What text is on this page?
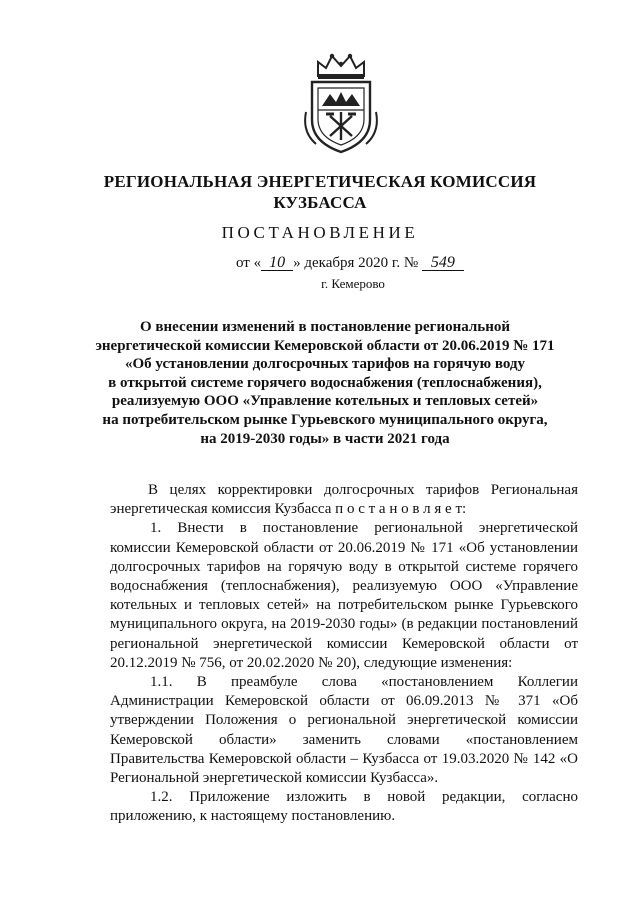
РЕГИОНАЛЬНАЯ ЭНЕРГЕТИЧЕСКАЯ КОМИССИЯ
КУЗБАССА
ПОСТАНОВЛЕНИЕ
от « 10 » декабря 2020 г. № 549
г. Кемерово
О внесении изменений в постановление региональной
энергетической комиссии Кемеровской области от 20.06.2019 № 171
«Об установлении долгосрочных тарифов на горячую воду
в открытой системе горячего водоснабжения (теплоснабжения),
реализуемую ООО «Управление котельных и тепловых сетей»
на потребительском рынке Гурьевского муниципального округа,
на 2019-2030 годы» в части 2021 года

В целях корректировки долгосрочных тарифов Региональная энергетическая комиссия Кузбасса п о с т а н о в л я е т:

1. Внести в постановление региональной энергетической комиссии Кемеровской области от 20.06.2019 № 171 «Об установлении долгосрочных тарифов на горячую воду в открытой системе горячего водоснабжения (теплоснабжения), реализуемую ООО «Управление котельных и тепловых сетей» на потребительском рынке Гурьевского муниципального округа, на 2019-2030 годы» (в редакции постановлений региональной энергетической комиссии Кемеровской области от 20.12.2019 № 756, от 20.02.2020 № 20), следующие изменения:

1.1. В преамбуле слова «постановлением Коллегии Администрации Кемеровской области от 06.09.2013 № 371 «Об утверждении Положения о региональной энергетической комиссии Кемеровской области» заменить словами «постановлением Правительства Кемеровской области – Кузбасса от 19.03.2020 № 142 «О Региональной энергетической комиссии Кузбасса».

1.2. Приложение изложить в новой редакции, согласно приложению, к настоящему постановлению.
